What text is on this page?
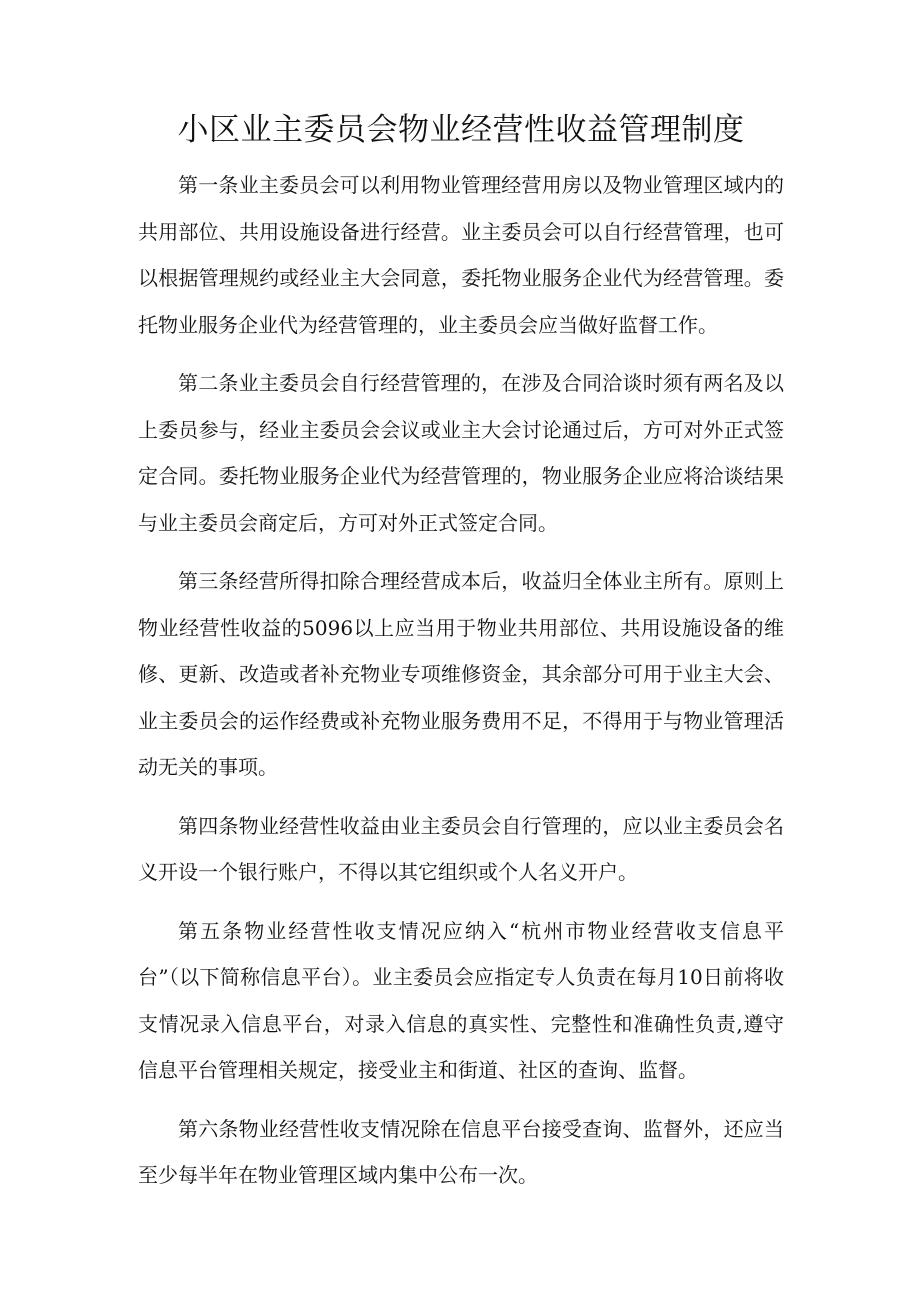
小区业主委员会物业经营性收益管理制度

第一条业主委员会可以利用物业管理经营用房以及物业管理区域内的共用部位、共用设施设备进行经营。业主委员会可以自行经营管理，也可以根据管理规约或经业主大会同意，委托物业服务企业代为经营管理。委托物业服务企业代为经营管理的，业主委员会应当做好监督工作。

第二条业主委员会自行经营管理的，在涉及合同洽谈时须有两名及以上委员参与，经业主委员会会议或业主大会讨论通过后，方可对外正式签定合同。委托物业服务企业代为经营管理的，物业服务企业应将洽谈结果与业主委员会商定后，方可对外正式签定合同。

第三条经营所得扣除合理经营成本后，收益归全体业主所有。原则上物业经营性收益的5096以上应当用于物业共用部位、共用设施设备的维修、更新、改造或者补充物业专项维修资金，其余部分可用于业主大会、业主委员会的运作经费或补充物业服务费用不足，不得用于与物业管理活动无关的事项。

第四条物业经营性收益由业主委员会自行管理的，应以业主委员会名义开设一个银行账户，不得以其它组织或个人名义开户。

第五条物业经营性收支情况应纳入“杭州市物业经营收支信息平台”（以下简称信息平台）。业主委员会应指定专人负责在每月10日前将收支情况录入信息平台，对录入信息的真实性、完整性和准确性负责,遵守信息平台管理相关规定，接受业主和街道、社区的查询、监督。

第六条物业经营性收支情况除在信息平台接受查询、监督外，还应当至少每半年在物业管理区域内集中公布一次。
